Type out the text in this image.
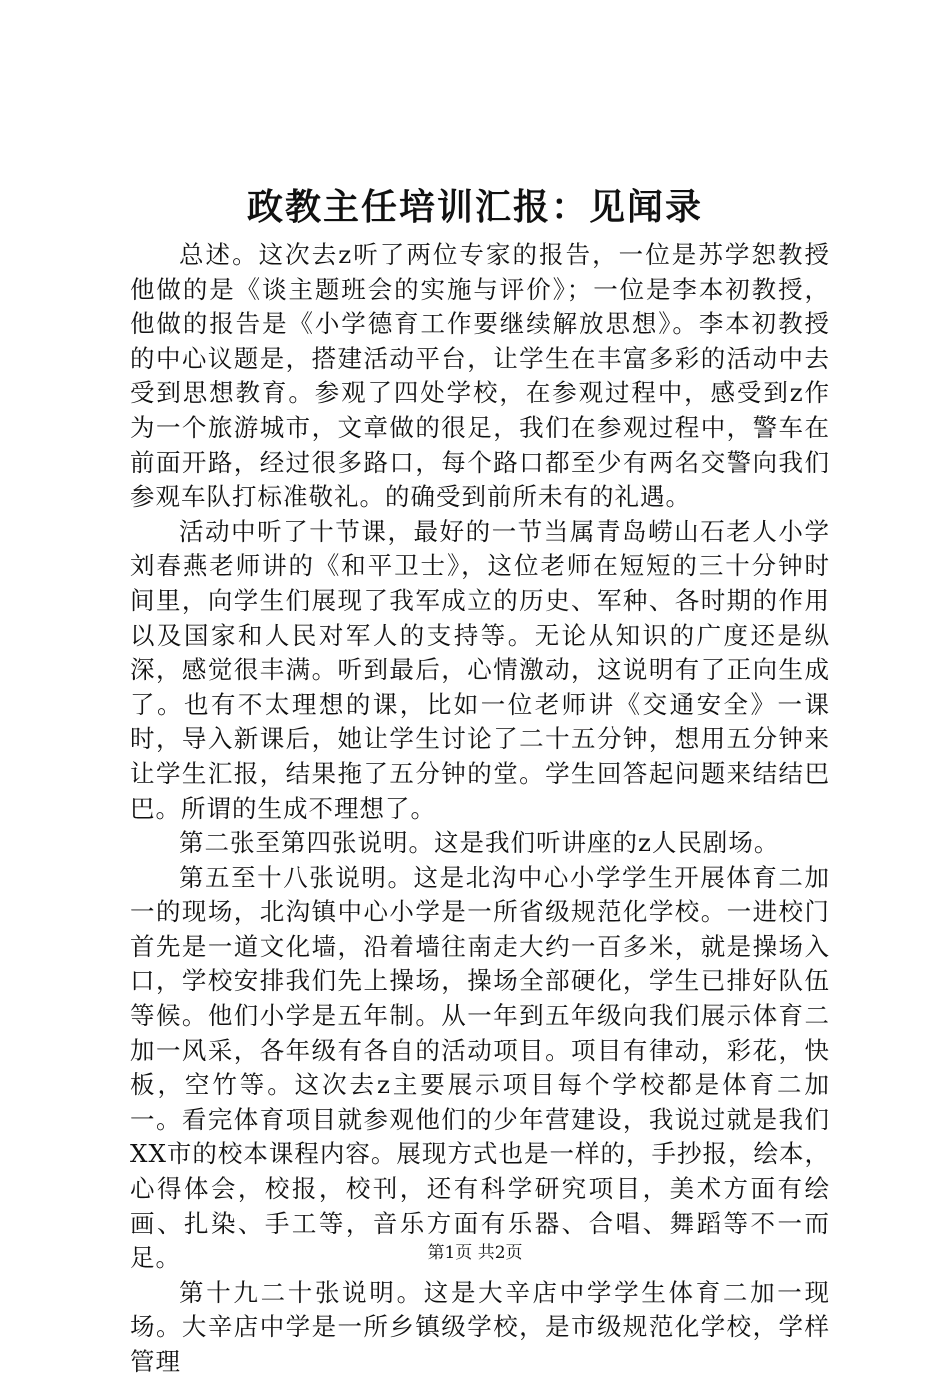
政教主任培训汇报：见闻录

总述。这次去z听了两位专家的报告，一位是苏学恕教授他做的是《谈主题班会的实施与评价》；一位是李本初教授，他做的报告是《小学德育工作要继续解放思想》。李本初教授的中心议题是，搭建活动平台，让学生在丰富多彩的活动中去受到思想教育。参观了四处学校，在参观过程中，感受到z作为一个旅游城市，文章做的很足，我们在参观过程中，警车在前面开路，经过很多路口，每个路口都至少有两名交警向我们参观车队打标准敬礼。的确受到前所未有的礼遇。

活动中听了十节课，最好的一节当属青岛崂山石老人小学刘春燕老师讲的《和平卫士》，这位老师在短短的三十分钟时间里，向学生们展现了我军成立的历史、军种、各时期的作用以及国家和人民对军人的支持等。无论从知识的广度还是纵深，感觉很丰满。听到最后，心情激动，这说明有了正向生成了。也有不太理想的课，比如一位老师讲《交通安全》一课时，导入新课后，她让学生讨论了二十五分钟，想用五分钟来让学生汇报，结果拖了五分钟的堂。学生回答起问题来结结巴巴。所谓的生成不理想了。

第二张至第四张说明。这是我们听讲座的z人民剧场。

第五至十八张说明。这是北沟中心小学学生开展体育二加一的现场，北沟镇中心小学是一所省级规范化学校。一进校门首先是一道文化墙，沿着墙往南走大约一百多米，就是操场入口，学校安排我们先上操场，操场全部硬化，学生已排好队伍等候。他们小学是五年制。从一年到五年级向我们展示体育二加一风采，各年级有各自的活动项目。项目有律动，彩花，快板，空竹等。这次去z主要展示项目每个学校都是体育二加一。看完体育项目就参观他们的少年营建设，我说过就是我们XX市的校本课程内容。展现方式也是一样的，手抄报，绘本，心得体会，校报，校刊，还有科学研究项目，美术方面有绘画、扎染、手工等，音乐方面有乐器、合唱、舞蹈等不一而足。

第十九二十张说明。这是大辛店中学学生体育二加一现场。大辛店中学是一所乡镇级学校，是市级规范化学校，学样管理

第1页 共2页
